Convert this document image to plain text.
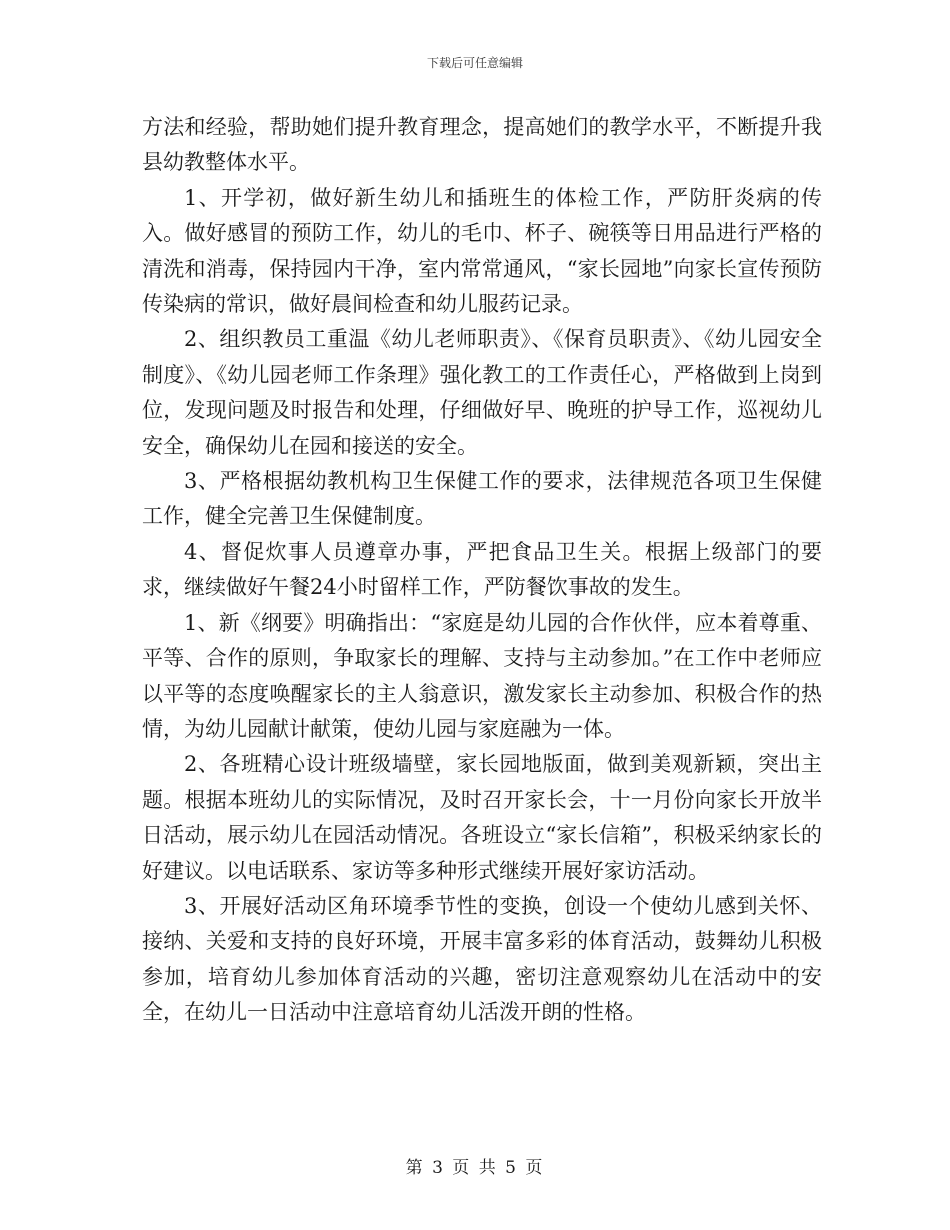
下载后可任意编辑

方法和经验，帮助她们提升教育理念，提高她们的教学水平，不断提升我县幼教整体水平。

1、开学初，做好新生幼儿和插班生的体检工作，严防肝炎病的传入。做好感冒的预防工作，幼儿的毛巾、杯子、碗筷等日用品进行严格的清洗和消毒，保持园内干净，室内常常通风，“家长园地”向家长宣传预防传染病的常识，做好晨间检查和幼儿服药记录。

2、组织教员工重温《幼儿老师职责》、《保育员职责》、《幼儿园安全制度》、《幼儿园老师工作条理》强化教工的工作责任心，严格做到上岗到位，发现问题及时报告和处理，仔细做好早、晚班的护导工作，巡视幼儿安全，确保幼儿在园和接送的安全。

3、严格根据幼教机构卫生保健工作的要求，法律规范各项卫生保健工作，健全完善卫生保健制度。

4、督促炊事人员遵章办事，严把食品卫生关。根据上级部门的要求，继续做好午餐24小时留样工作，严防餐饮事故的发生。

1、新《纲要》明确指出：“家庭是幼儿园的合作伙伴，应本着尊重、平等、合作的原则，争取家长的理解、支持与主动参加。”在工作中老师应以平等的态度唤醒家长的主人翁意识，激发家长主动参加、积极合作的热情，为幼儿园献计献策，使幼儿园与家庭融为一体。

2、各班精心设计班级墙壁，家长园地版面，做到美观新颖，突出主题。根据本班幼儿的实际情况，及时召开家长会，十一月份向家长开放半日活动，展示幼儿在园活动情况。各班设立“家长信箱”，积极采纳家长的好建议。以电话联系、家访等多种形式继续开展好家访活动。

3、开展好活动区角环境季节性的变换，创设一个使幼儿感到关怀、接纳、关爱和支持的良好环境，开展丰富多彩的体育活动，鼓舞幼儿积极参加，培育幼儿参加体育活动的兴趣，密切注意观察幼儿在活动中的安全，在幼儿一日活动中注意培育幼儿活泼开朗的性格。

第 3 页 共 5 页
